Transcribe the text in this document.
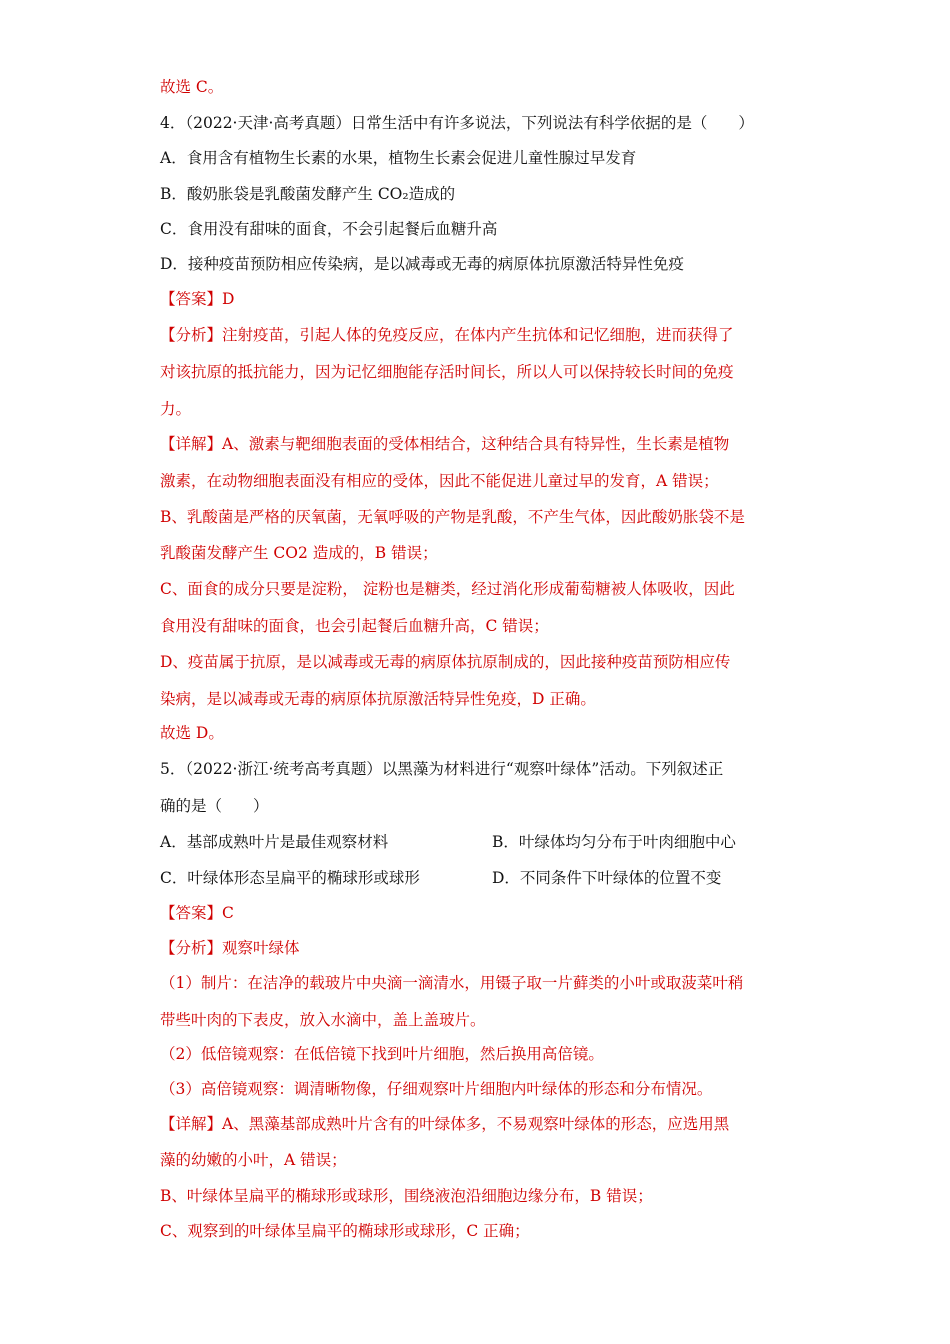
故选 C。
4．（2022·天津·高考真题）日常生活中有许多说法，下列说法有科学依据的是（　　）
A．食用含有植物生长素的水果，植物生长素会促进儿童性腺过早发育
B．酸奶胀袋是乳酸菌发酵产生 CO₂造成的
C．食用没有甜味的面食，不会引起餐后血糖升高
D．接种疫苗预防相应传染病，是以减毒或无毒的病原体抗原激活特异性免疫
【答案】D
【分析】注射疫苗，引起人体的免疫反应，在体内产生抗体和记忆细胞，进而获得了
对该抗原的抵抗能力，因为记忆细胞能存活时间长，所以人可以保持较长时间的免疫
力。
【详解】A、激素与靶细胞表面的受体相结合，这种结合具有特异性，生长素是植物
激素，在动物细胞表面没有相应的受体，因此不能促进儿童过早的发育，A 错误；
B、乳酸菌是严格的厌氧菌，无氧呼吸的产物是乳酸，不产生气体，因此酸奶胀袋不是
乳酸菌发酵产生 CO2 造成的，B 错误；
C、面食的成分只要是淀粉， 淀粉也是糖类，经过消化形成葡萄糖被人体吸收，因此
食用没有甜味的面食，也会引起餐后血糖升高，C 错误；
D、疫苗属于抗原，是以减毒或无毒的病原体抗原制成的，因此接种疫苗预防相应传
染病，是以减毒或无毒的病原体抗原激活特异性免疫，D 正确。
故选 D。
5．（2022·浙江·统考高考真题）以黑藻为材料进行“观察叶绿体”活动。下列叙述正
确的是（　　）
A．基部成熟叶片是最佳观察材料	B．叶绿体均匀分布于叶肉细胞中心
C．叶绿体形态呈扁平的椭球形或球形	D．不同条件下叶绿体的位置不变
【答案】C
【分析】观察叶绿体
（1）制片：在洁净的载玻片中央滴一滴清水，用镊子取一片藓类的小叶或取菠菜叶稍
带些叶肉的下表皮，放入水滴中，盖上盖玻片。
（2）低倍镜观察：在低倍镜下找到叶片细胞，然后换用高倍镜。
（3）高倍镜观察：调清晰物像，仔细观察叶片细胞内叶绿体的形态和分布情况。
【详解】A、黑藻基部成熟叶片含有的叶绿体多，不易观察叶绿体的形态，应选用黑
藻的幼嫩的小叶，A 错误；
B、叶绿体呈扁平的椭球形或球形，围绕液泡沿细胞边缘分布，B 错误；
C、观察到的叶绿体呈扁平的椭球形或球形，C 正确；
